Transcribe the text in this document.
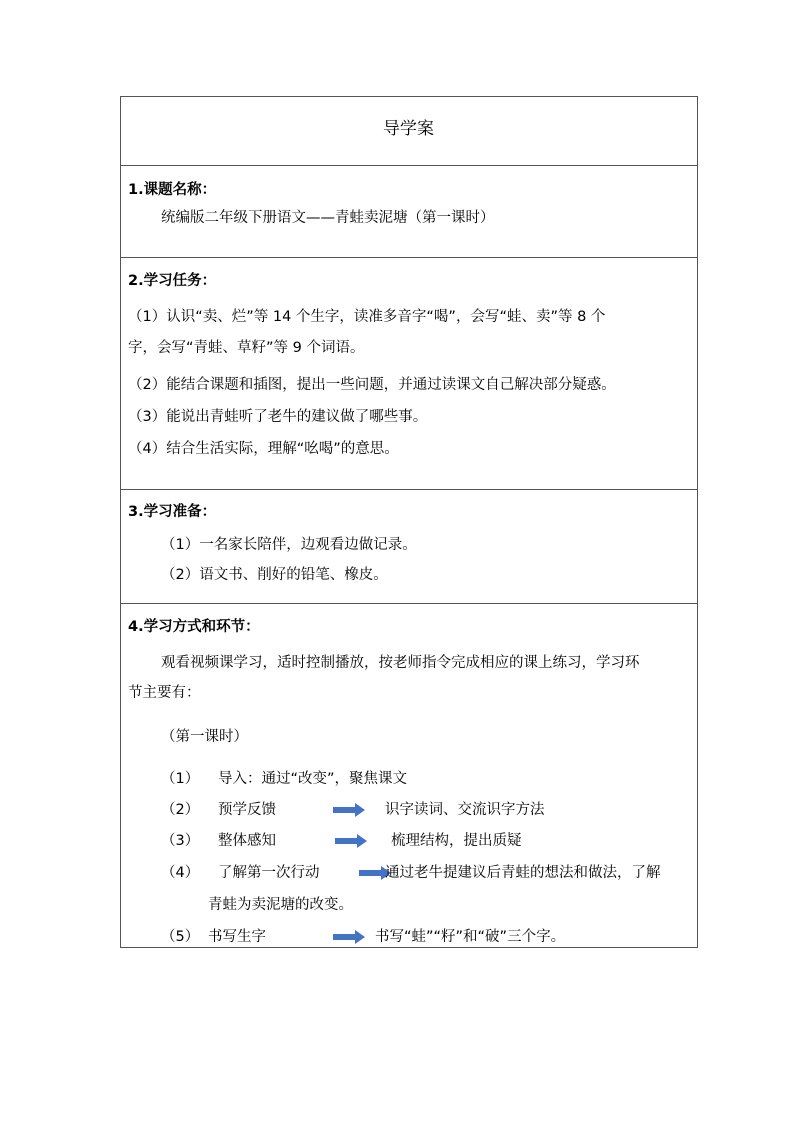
导学案
1.课题名称：
统编版二年级下册语文——青蛙卖泥塘（第一课时）
2.学习任务：
（1）认识“卖、烂”等 14 个生字，读准多音字“喝”，会写“蛙、卖”等 8 个
字，会写“青蛙、草籽”等 9 个词语。
（2）能结合课题和插图，提出一些问题，并通过读课文自己解决部分疑惑。
（3）能说出青蛙听了老牛的建议做了哪些事。
（4）结合生活实际，理解“吆喝”的意思。
3.学习准备：
（1）一名家长陪伴，边观看边做记录。
（2）语文书、削好的铅笔、橡皮。
4.学习方式和环节：
观看视频课学习，适时控制播放，按老师指令完成相应的课上练习，学习环
节主要有：
（第一课时）
（1） 导入：通过“改变”，聚焦课文
（2） 预学反馈	识字读词、交流识字方法
（3） 整体感知	梳理结构，提出质疑
（4） 了解第一次行动	通过老牛提建议后青蛙的想法和做法，了解
青蛙为卖泥塘的改变。
（5） 书写生字	书写“蛙”“籽”和“破”三个字。
